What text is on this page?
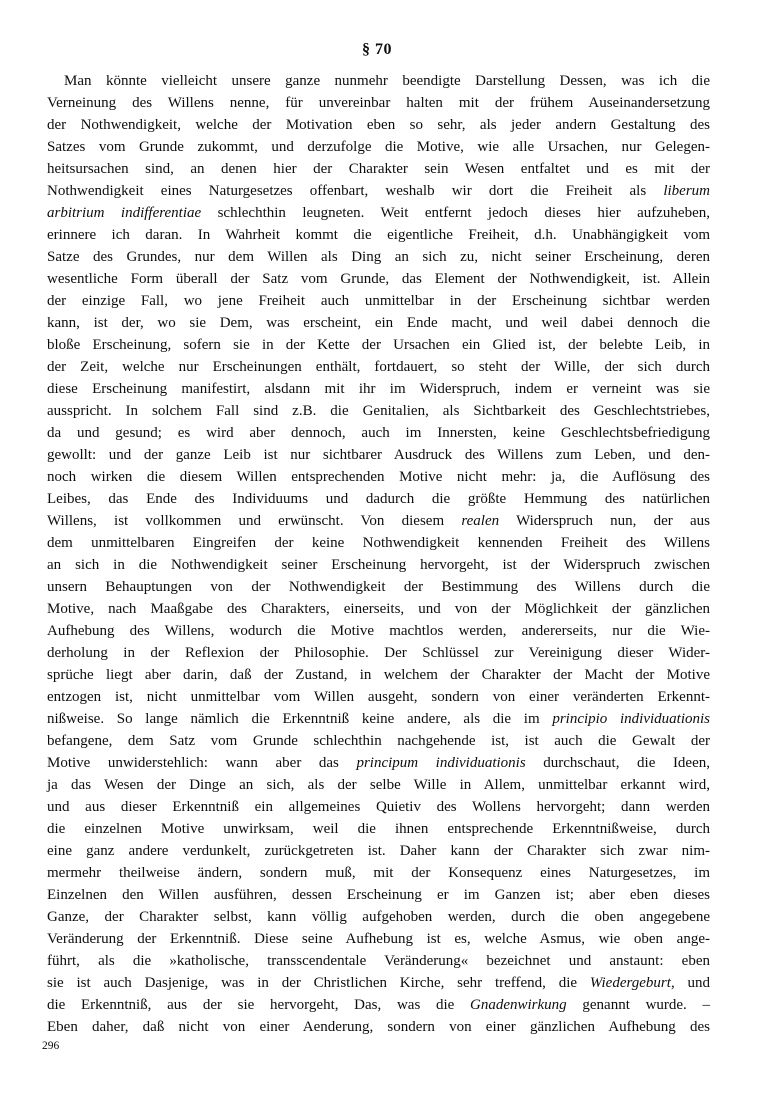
§ 70
Man könnte vielleicht unsere ganze nunmehr beendigte Darstellung Dessen, was ich die
Verneinung des Willens nenne, für unvereinbar halten mit der frühem Auseinandersetzung
der Nothwendigkeit, welche der Motivation eben so sehr, als jeder andern Gestaltung des
Satzes vom Grunde zukommt, und derzufolge die Motive, wie alle Ursachen, nur Gelegen-
heitsursachen sind, an denen hier der Charakter sein Wesen entfaltet und es mit der
Nothwendigkeit eines Naturgesetzes offenbart, weshalb wir dort die Freiheit als liberum
arbitrium indifferentiae schlechthin leugneten. Weit entfernt jedoch dieses hier aufzuheben,
erinnere ich daran. In Wahrheit kommt die eigentliche Freiheit, d.h. Unabhängigkeit vom
Satze des Grundes, nur dem Willen als Ding an sich zu, nicht seiner Erscheinung, deren
wesentliche Form überall der Satz vom Grunde, das Element der Nothwendigkeit, ist. Allein
der einzige Fall, wo jene Freiheit auch unmittelbar in der Erscheinung sichtbar werden
kann, ist der, wo sie Dem, was erscheint, ein Ende macht, und weil dabei dennoch die
bloße Erscheinung, sofern sie in der Kette der Ursachen ein Glied ist, der belebte Leib, in
der Zeit, welche nur Erscheinungen enthält, fortdauert, so steht der Wille, der sich durch
diese Erscheinung manifestirt, alsdann mit ihr im Widerspruch, indem er verneint was sie
ausspricht. In solchem Fall sind z.B. die Genitalien, als Sichtbarkeit des Geschlechtstriebes,
da und gesund; es wird aber dennoch, auch im Innersten, keine Geschlechtsbefriedigung
gewollt: und der ganze Leib ist nur sichtbarer Ausdruck des Willens zum Leben, und den-
noch wirken die diesem Willen entsprechenden Motive nicht mehr: ja, die Auflösung des
Leibes, das Ende des Individuums und dadurch die größte Hemmung des natürlichen
Willens, ist vollkommen und erwünscht. Von diesem realen Widerspruch nun, der aus
dem unmittelbaren Eingreifen der keine Nothwendigkeit kennenden Freiheit des Willens
an sich in die Nothwendigkeit seiner Erscheinung hervorgeht, ist der Widerspruch zwischen
unsern Behauptungen von der Nothwendigkeit der Bestimmung des Willens durch die
Motive, nach Maaßgabe des Charakters, einerseits, und von der Möglichkeit der gänzlichen
Aufhebung des Willens, wodurch die Motive machtlos werden, andererseits, nur die Wie-
derholung in der Reflexion der Philosophie. Der Schlüssel zur Vereinigung dieser Wider-
sprüche liegt aber darin, daß der Zustand, in welchem der Charakter der Macht der Motive
entzogen ist, nicht unmittelbar vom Willen ausgeht, sondern von einer veränderten Erkennt-
nißweise. So lange nämlich die Erkenntniß keine andere, als die im principio individuationis
befangene, dem Satz vom Grunde schlechthin nachgehende ist, ist auch die Gewalt der
Motive unwiderstehlich: wann aber das principum individuationis durchschaut, die Ideen,
ja das Wesen der Dinge an sich, als der selbe Wille in Allem, unmittelbar erkannt wird,
und aus dieser Erkenntniß ein allgemeines Quietiv des Wollens hervorgeht; dann werden
die einzelnen Motive unwirksam, weil die ihnen entsprechende Erkenntnißweise, durch
eine ganz andere verdunkelt, zurückgetreten ist. Daher kann der Charakter sich zwar nim-
mermehr theilweise ändern, sondern muß, mit der Konsequenz eines Naturgesetzes, im
Einzelnen den Willen ausführen, dessen Erscheinung er im Ganzen ist; aber eben dieses
Ganze, der Charakter selbst, kann völlig aufgehoben werden, durch die oben angegebene
Veränderung der Erkenntniß. Diese seine Aufhebung ist es, welche Asmus, wie oben ange-
führt, als die »katholische, transscendentale Veränderung« bezeichnet und anstaunt: eben
sie ist auch Dasjenige, was in der Christlichen Kirche, sehr treffend, die Wiedergeburt, und
die Erkenntniß, aus der sie hervorgeht, Das, was die Gnadenwirkung genannt wurde. –
Eben daher, daß nicht von einer Aenderung, sondern von einer gänzlichen Aufhebung des
296
